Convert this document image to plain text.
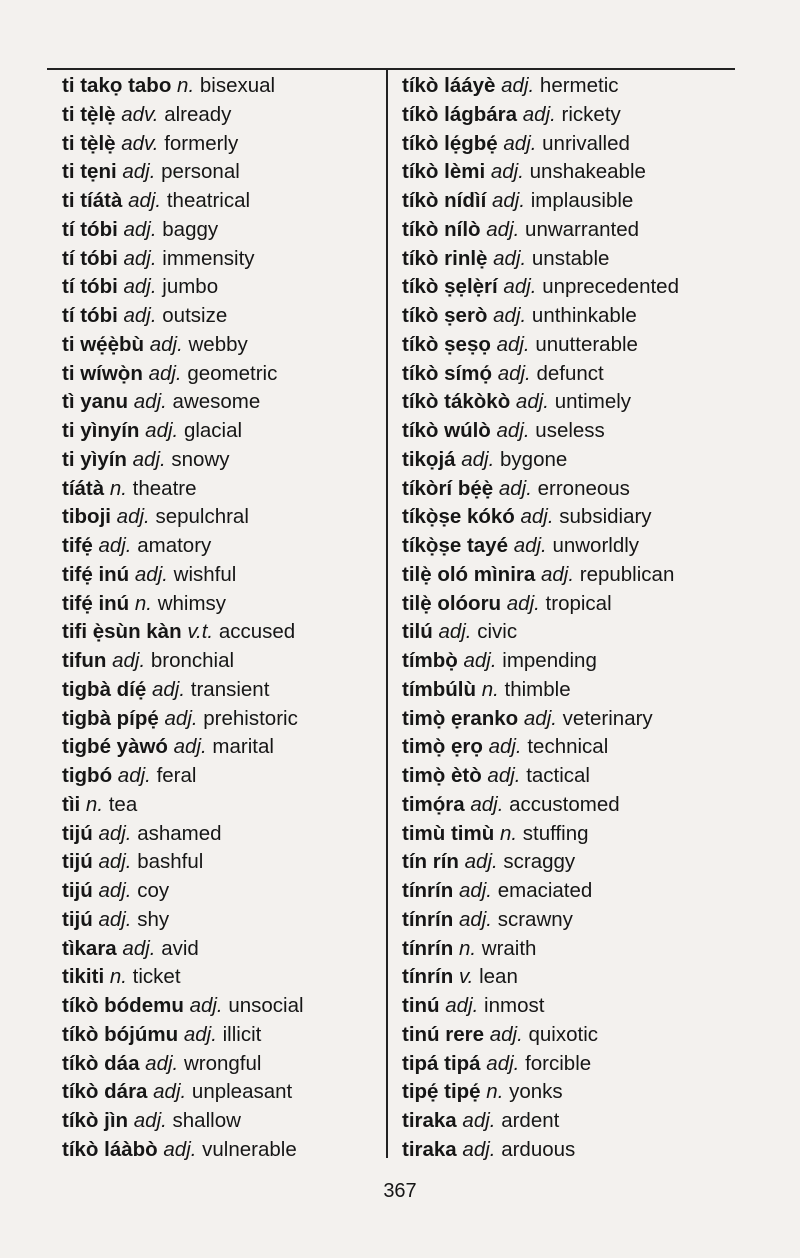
ti takọ tabo n. bisexual
ti tẹ̀lẹ̀ adv. already
ti tẹ̀lẹ̀ adv. formerly
ti tẹni adj. personal
ti tíátà adj. theatrical
tí tóbi adj. baggy
tí tóbi adj. immensity
tí tóbi adj. jumbo
tí tóbi adj. outsize
ti wẹ́ẹ̀bù adj. webby
ti wíwọ̀n adj. geometric
tì yanu adj. awesome
ti yìnyín adj. glacial
ti yìyín adj. snowy
tíátà n. theatre
tiboji adj. sepulchral
tifẹ́ adj. amatory
tifẹ́ inú adj. wishful
tifẹ́ inú n. whimsy
tifi ẹ̀sùn kàn v.t. accused
tifun adj. bronchial
tigbà díẹ́ adj. transient
tigbà pípẹ́ adj. prehistoric
tigbé yàwó adj. marital
tigbó adj. feral
tìi n. tea
tijú adj. ashamed
tijú adj. bashful
tijú adj. coy
tijú adj. shy
tìkara adj. avid
tikiti n. ticket
tíkò bódemu adj. unsocial
tíkò bójúmu adj. illicit
tíkò dáa adj. wrongful
tíkò dára adj. unpleasant
tíkò jìn adj. shallow
tíkò láàbò adj. vulnerable
tíkò lááyè adj. hermetic
tíkò lágbára adj. rickety
tíkò lẹ́gbẹ́ adj. unrivalled
tíkò lèmi adj. unshakeable
tíkò nídìí adj. implausible
tíkò nílò adj. unwarranted
tíkò rinlẹ̀ adj. unstable
tíkò ṣẹlẹ̀rí adj. unprecedented
tíkò ṣerò adj. unthinkable
tíkò ṣeṣọ adj. unutterable
tíkò símọ́ adj. defunct
tíkò tákòkò adj. untimely
tíkò wúlò adj. useless
tikọjá adj. bygone
tíkòrí bẹ́ẹ̀ adj. erroneous
tíkọ̀ṣe kókó adj. subsidiary
tíkọ̀ṣe tayé adj. unworldly
tilẹ̀ oló mìnira adj. republican
tilẹ̀ olóoru adj. tropical
tilú adj. civic
tímbọ̀ adj. impending
tímbúlù n. thimble
timọ̀ ẹranko adj. veterinary
timọ̀ ẹrọ adj. technical
timọ̀ ètò adj. tactical
timọ́ra adj. accustomed
timù timù n. stuffing
tín rín adj. scraggy
tínrín adj. emaciated
tínrín adj. scrawny
tínrín n. wraith
tínrín v. lean
tinú adj. inmost
tinú rere adj. quixotic
tipá tipá adj. forcible
tipẹ́ tipẹ́ n. yonks
tiraka adj. ardent
tiraka adj. arduous
367
